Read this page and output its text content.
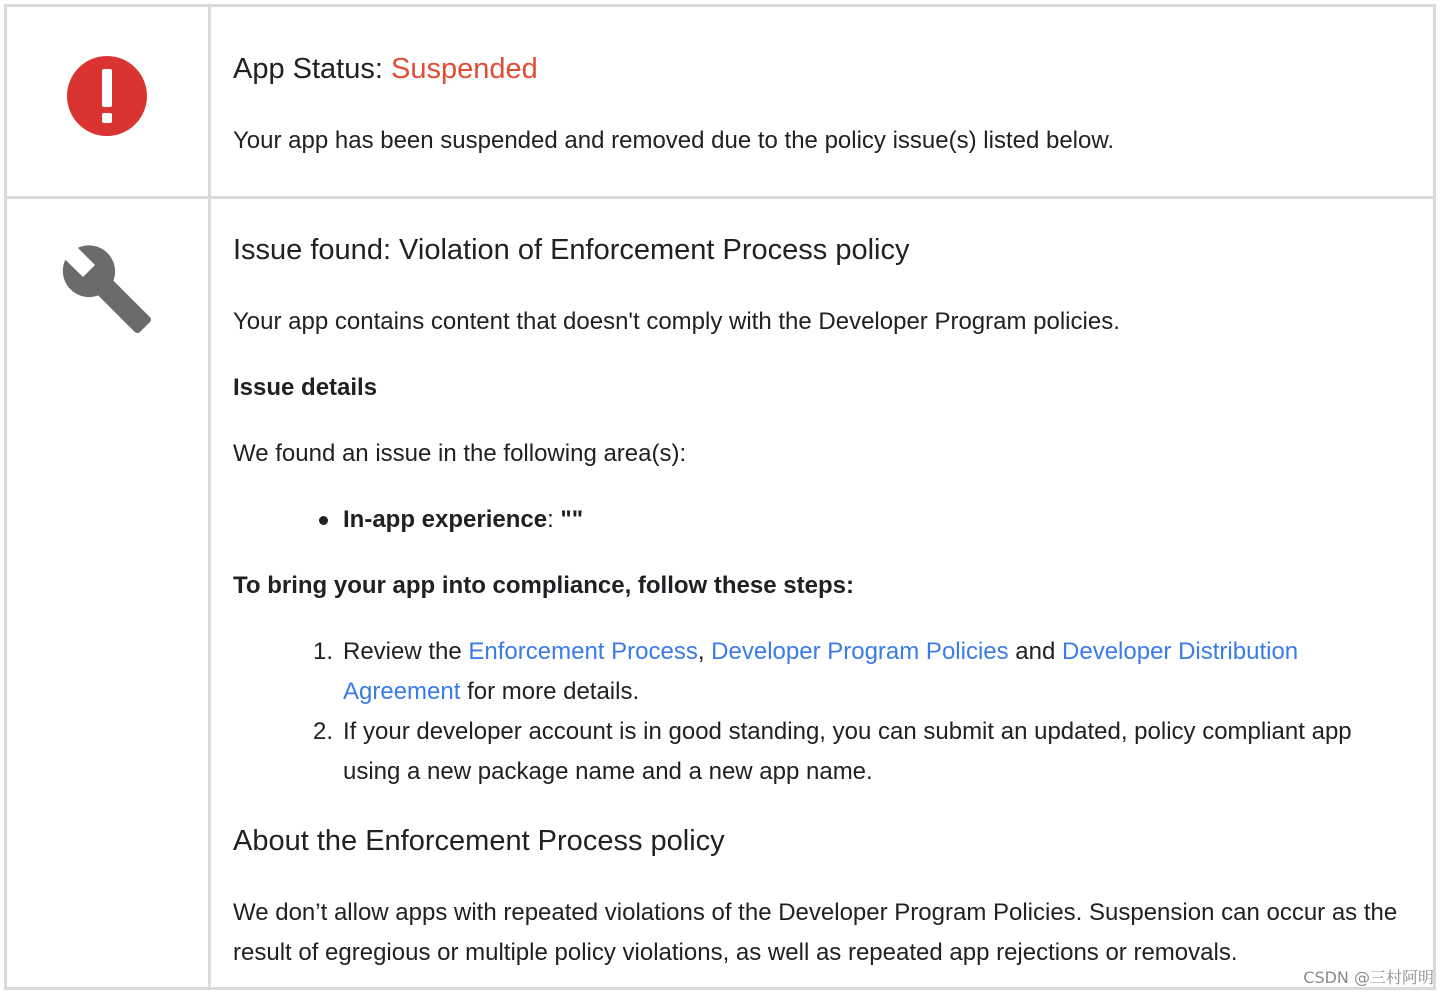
App Status: Suspended
Your app has been suspended and removed due to the policy issue(s) listed below.
Issue found: Violation of Enforcement Process policy
Your app contains content that doesn't comply with the Developer Program policies.
Issue details
We found an issue in the following area(s):
In-app experience: ""
To bring your app into compliance, follow these steps:
1. Review the Enforcement Process, Developer Program Policies and Developer Distribution Agreement for more details.
2. If your developer account is in good standing, you can submit an updated, policy compliant app using a new package name and a new app name.
About the Enforcement Process policy
We don’t allow apps with repeated violations of the Developer Program Policies. Suspension can occur as the result of egregious or multiple policy violations, as well as repeated app rejections or removals.
CSDN @三村阿明
